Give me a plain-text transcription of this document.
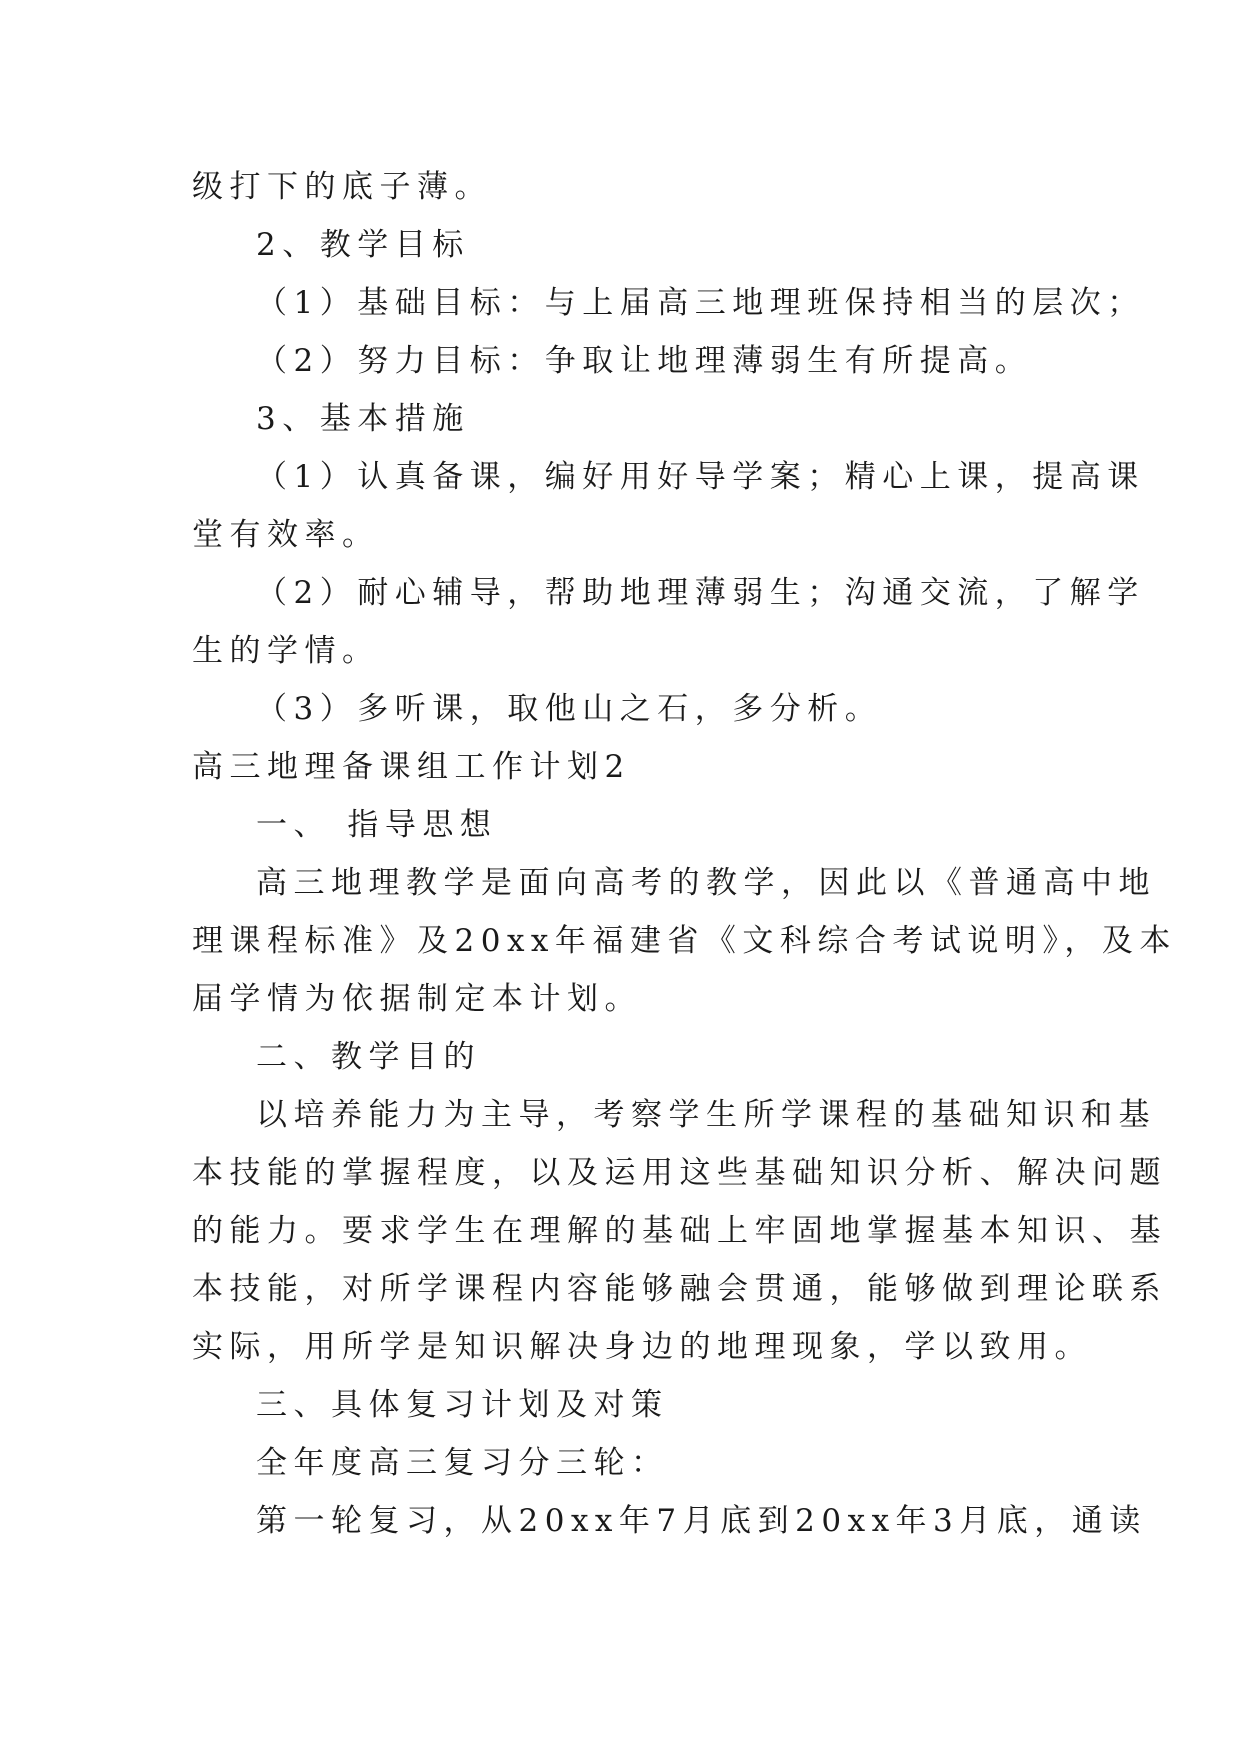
级打下的底子薄。
2、教学目标
（1）基础目标：与上届高三地理班保持相当的层次；
（2）努力目标：争取让地理薄弱生有所提高。
3、基本措施
（1）认真备课，编好用好导学案；精心上课，提高课
堂有效率。
（2）耐心辅导，帮助地理薄弱生；沟通交流，了解学
生的学情。
（3）多听课，取他山之石，多分析。
高三地理备课组工作计划2
一、 指导思想
高三地理教学是面向高考的教学，因此以《普通高中地
理课程标准》及20xx年福建省《文科综合考试说明》，及本
届学情为依据制定本计划。
二、教学目的
以培养能力为主导，考察学生所学课程的基础知识和基
本技能的掌握程度，以及运用这些基础知识分析、解决问题
的能力。要求学生在理解的基础上牢固地掌握基本知识、基
本技能，对所学课程内容能够融会贯通，能够做到理论联系
实际，用所学是知识解决身边的地理现象，学以致用。
三、具体复习计划及对策
全年度高三复习分三轮：
第一轮复习，从20xx年7月底到20xx年3月底，通读
